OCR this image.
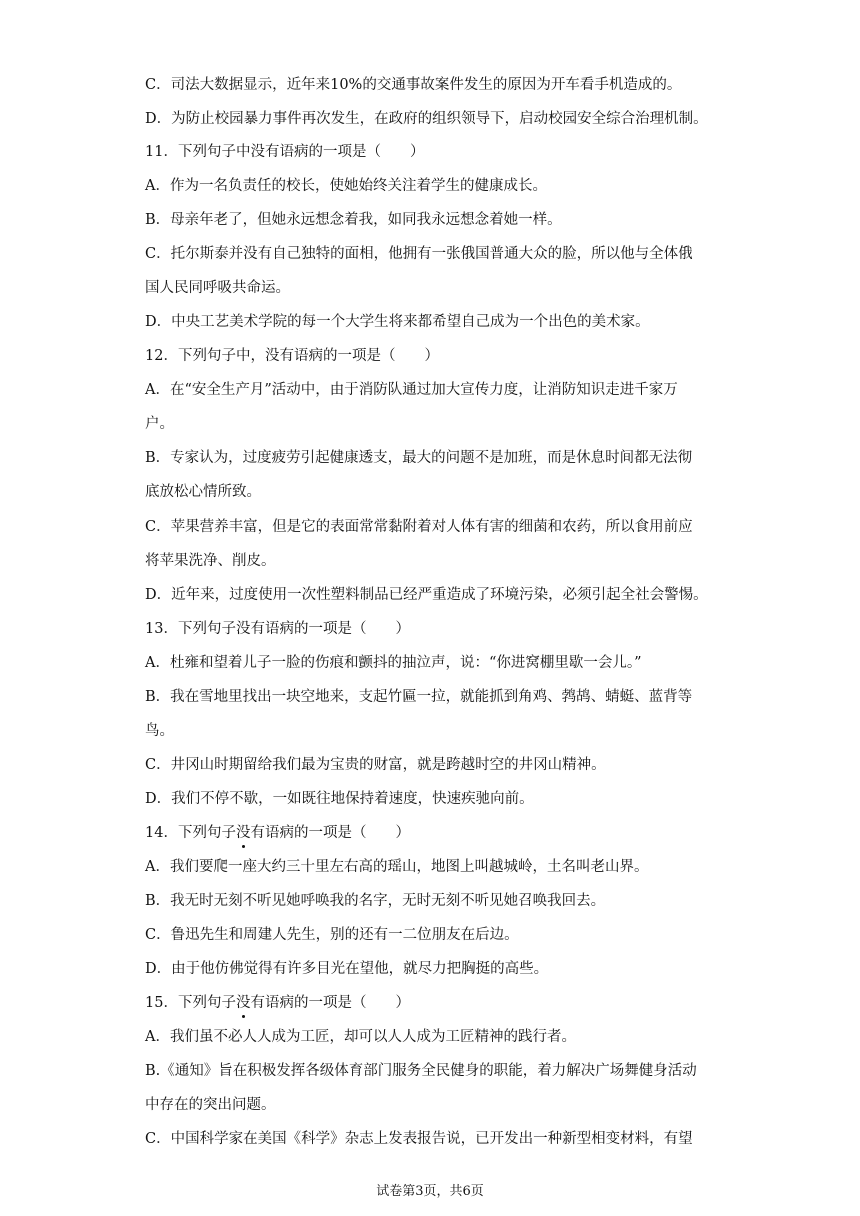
C．司法大数据显示，近年来10%的交通事故案件发生的原因为开车看手机造成的。
D．为防止校园暴力事件再次发生，在政府的组织领导下，启动校园安全综合治理机制。
11．下列句子中没有语病的一项是（　　）
A．作为一名负责任的校长，使她始终关注着学生的健康成长。
B．母亲年老了，但她永远想念着我，如同我永远想念着她一样。
C．托尔斯泰并没有自己独特的面相，他拥有一张俄国普通大众的脸，所以他与全体俄
国人民同呼吸共命运。
D．中央工艺美术学院的每一个大学生将来都希望自己成为一个出色的美术家。
12．下列句子中，没有语病的一项是（　　）
A．在“安全生产月”活动中，由于消防队通过加大宣传力度，让消防知识走进千家万
户。
B．专家认为，过度疲劳引起健康透支，最大的问题不是加班，而是休息时间都无法彻
底放松心情所致。
C．苹果营养丰富，但是它的表面常常黏附着对人体有害的细菌和农药，所以食用前应
将苹果洗净、削皮。
D．近年来，过度使用一次性塑料制品已经严重造成了环境污染，必须引起全社会警惕。
13．下列句子没有语病的一项是（　　）
A．杜雍和望着儿子一脸的伤痕和颤抖的抽泣声，说：“你进窝棚里歇一会儿。”
B．我在雪地里找出一块空地来，支起竹匾一拉，就能抓到角鸡、鹁鸪、蜻蜓、蓝背等
鸟。
C．井冈山时期留给我们最为宝贵的财富，就是跨越时空的井冈山精神。
D．我们不停不歇，一如既往地保持着速度，快速疾驰向前。
14．下列句子没有语病的一项是（　　）
A．我们要爬一座大约三十里左右高的瑶山，地图上叫越城岭，土名叫老山界。
B．我无时无刻不听见她呼唤我的名字，无时无刻不听见她召唤我回去。
C．鲁迅先生和周建人先生，别的还有一二位朋友在后边。
D．由于他仿佛觉得有许多目光在望他，就尽力把胸挺的高些。
15．下列句子没有语病的一项是（　　）
A．我们虽不必人人成为工匠，却可以人人成为工匠精神的践行者。
B.《通知》旨在积极发挥各级体育部门服务全民健身的职能，着力解决广场舞健身活动
中存在的突出问题。
C．中国科学家在美国《科学》杂志上发表报告说，已开发出一种新型相变材料，有望
试卷第3页，共6页
